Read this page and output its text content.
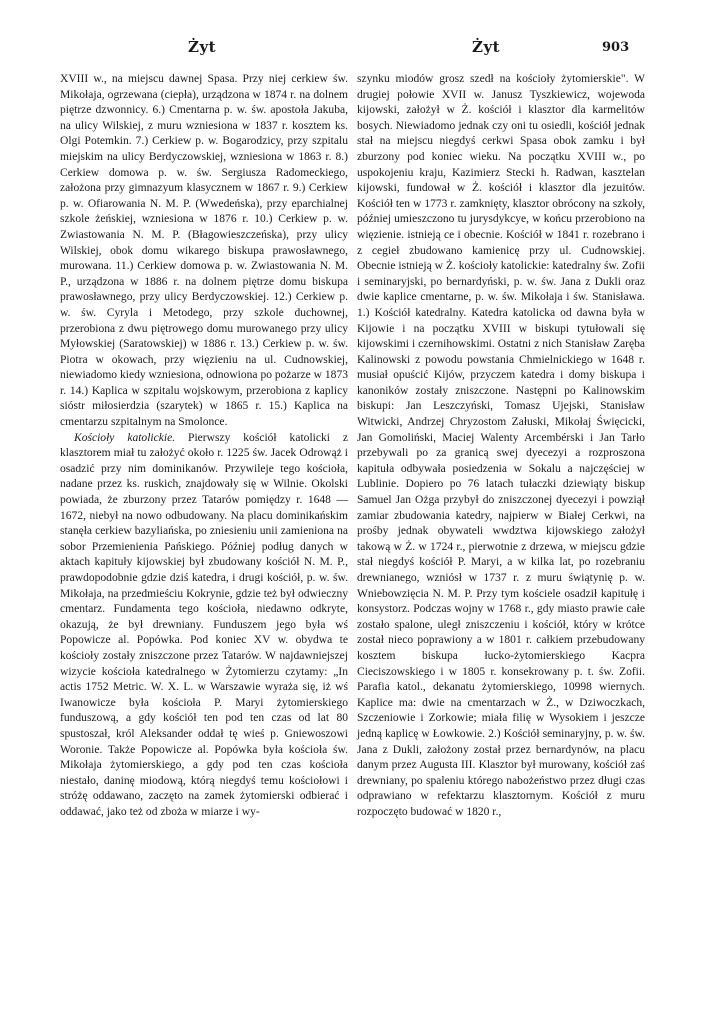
Żyt	Żyt	903

XVIII w., na miejscu dawnej Spasa. Przy niej cerkiew św. Mikołaja, ogrzewana (ciepła), urządzona w 1874 r. na dolnem piętrze dzwonnicy. 6.) Cmentarna p. w. św. apostoła Jakuba, na ulicy Wilskiej, z muru wzniesiona w 1837 r. kosztem ks. Olgi Potemkin. 7.) Cerkiew p. w. Bogarodzicy, przy szpitalu miejskim na ulicy Berdyczowskiej, wzniesiona w 1863 r. 8.) Cerkiew domowa p. w. św. Sergiusza Radomeckiego, założona przy gimnazyum klasycznem w 1867 r. 9.) Cerkiew p. w. Ofiarowania N. M. P. (Wwedeńska), przy eparchialnej szkole żeńskiej, wzniesiona w 1876 r. 10.) Cerkiew p. w. Zwiastowania N. M. P. (Błagowieszczeńska), przy ulicy Wilskiej, obok domu wikarego biskupa prawosławnego, murowana. 11.) Cerkiew domowa p. w. Zwiastowania N. M. P., urządzona w 1886 r. na dolnem piętrze domu biskupa prawosławnego, przy ulicy Berdyczowskiej. 12.) Cerkiew p. w. św. Cyryla i Metodego, przy szkole duchownej, przerobiona z dwu piętrowego domu murowanego przy ulicy Myłowskiej (Saratowskiej) w 1886 r. 13.) Cerkiew p. w. św. Piotra w okowach, przy więzieniu na ul. Cudnowskiej, niewiadomo kiedy wzniesiona, odnowiona po pożarze w 1873 r. 14.) Kaplica w szpitalu wojskowym, przerobiona z kaplicy sióstr miłosierdzia (szarytek) w 1865 r. 15.) Kaplica na cmentarzu szpitalnym na Smolonce.

Kościoły katolickie. Pierwszy kościół katolicki z klasztorem miał tu założyć około r. 1225 św. Jacek Odrowąż i osadzić przy nim dominikanów. Przywileje tego kościoła, nadane przez ks. ruskich, znajdowały się w Wilnie. Okolski powiada, że zburzony przez Tatarów pomiędzy r. 1648 — 1672, niebył na nowo odbudowany. Na placu dominikańskim stanęła cerkiew bazyliańska, po zniesieniu unii zamieniona na sobor Przemienienia Pańskiego. Później podług danych w aktach kapituły kijowskiej był zbudowany kościół N. M. P., prawdopodobnie gdzie dziś katedra, i drugi kościół, p. w. św. Mikołaja, na przedmieściu Kokrynie, gdzie też był odwieczny cmentarz. Fundamenta tego kościoła, niedawno odkryte, okazują, że był drewniany. Funduszem jego była wś Popowicze al. Popówka. Pod koniec XV w. obydwa te kościoły zostały zniszczone przez Tatarów. W najdawniejszej wizycie kościoła katedralnego w Żytomierzu czytamy: „In actis 1752 Metric. W. X. L. w Warszawie wyraża się, iż wś Iwanowicze była kościoła P. Maryi żytomierskiego funduszową, a gdy kościół ten pod ten czas od lat 80 spustoszał, król Aleksander oddał tę wieś p. Gniewoszowi Woronie. Także Popowicze al. Popówka była kościoła św. Mikołaja żytomierskiego, a gdy pod ten czas kościoła niestało, daninę miodową, którą niegdyś temu kościołowi i stróżę oddawano, zaczęto na zamek żytomierski odbierać i oddawać, jako też od zboża w miarze i wy-

szynku miodów grosz szedł na kościoły żytomierskie". W drugiej połowie XVII w. Janusz Tyszkiewicz, wojewoda kijowski, założył w Ż. kościół i klasztor dla karmelitów bosych. Niewiadomo jednak czy oni tu osiedli, kościół jednak stał na miejscu niegdyś cerkwi Spasa obok zamku i był zburzony pod koniec wieku. Na początku XVIII w., po uspokojeniu kraju, Kazimierz Stecki h. Radwan, kasztelan kijowski, fundował w Ż. kościół i klasztor dla jezuitów. Kościół ten w 1773 r. zamknięty, klasztor obrócony na szkoły, później umieszczono tu jurysdykcye, w końcu przerobiono na więzienie. istnieją ce i obecnie. Kościół w 1841 r. rozebrano i z cegieł zbudowano kamienicę przy ul. Cudnowskiej. Obecnie istnieją w Ż. kościoły katolickie: katedralny św. Zofii i seminaryjski, po bernardyński, p. w. św. Jana z Dukli oraz dwie kaplice cmentarne, p. w. św. Mikołaja i św. Stanisława. 1.) Kościół katedralny. Katedra katolicka od dawna była w Kijowie i na początku XVIII w biskupi tytułowali się kijowskimi i czernihowskimi. Ostatni z nich Stanisław Zaręba Kalinowski z powodu powstania Chmielnickiego w 1648 r. musiał opuścić Kijów, przyczem katedra i domy biskupa i kanoników zostały zniszczone. Następni po Kalinowskim biskupi: Jan Leszczyński, Tomasz Ujejski, Stanisław Witwicki, Andrzej Chryzostom Załuski, Mikołaj Święcicki, Jan Gomoliński, Maciej Walenty Arcembérski i Jan Tarło przebywali po za granicą swej dyecezyi a rozproszona kapituła odbywała posiedzenia w Sokalu a najczęściej w Lublinie. Dopiero po 76 latach tułaczki dziewiąty biskup Samuel Jan Ożga przybył do zniszczonej dyecezyi i powziął zamiar zbudowania katedry, najpierw w Białej Cerkwi, na prośby jednak obywateli wwdztwa kijowskiego założył takową w Ż. w 1724 r., pierwotnie z drzewa, w miejscu gdzie stał niegdyś kościół P. Maryi, a w kilka lat, po rozebraniu drewnianego, wzniósł w 1737 r. z muru świątynię p. w. Wniebowzięcia N. M. P. Przy tym kościele osadził kapitułę i konsystorz. Podczas wojny w 1768 r., gdy miasto prawie całe zostało spalone, uległ zniszczeniu i kościół, który w krótce został nieco poprawiony a w 1801 r. całkiem przebudowany kosztem biskupa łucko-żytomierskiego Kacpra Cieciszowskiego i w 1805 r. konsekrowany p. t. św. Zofii. Parafia katol., dekanatu żytomierskiego, 10998 wiernych. Kaplice ma: dwie na cmentarzach w Ż., w Dziwoczkach, Szczeniowie i Zorkowie; miała filię w Wysokiem i jeszcze jedną kaplicę w Łowkowie. 2.) Kościół seminaryjny, p. w. św. Jana z Dukli, założony został przez bernardynów, na placu danym przez Augusta III. Klasztor był murowany, kościół zaś drewniany, po spaleniu którego nabożeństwo przez długi czas odprawiano w refektarzu klasztornym. Kościół z muru rozpoczęto budować w 1820 r.,
